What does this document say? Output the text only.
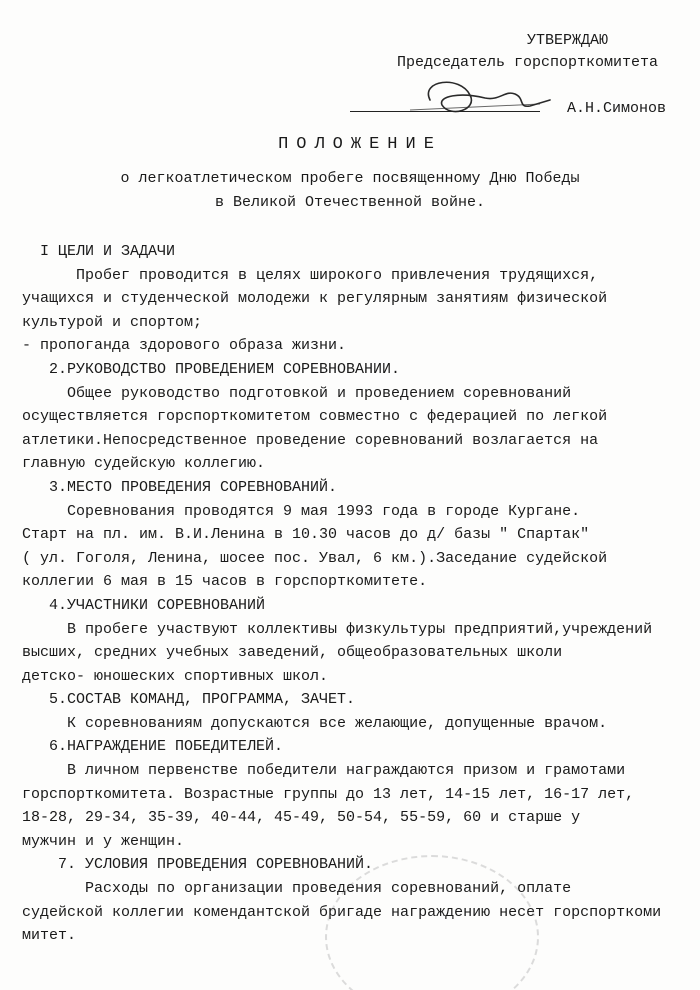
УТВЕРЖДАЮ
Председатель горспорткомитета
А.Н.Симонов
ПОЛОЖЕНИЕ
о легкоатлетическом пробеге посвященному Дню Победы
в Великой Отечественной войне.
I ЦЕЛИ И ЗАДАЧИ
Пробег проводится в целях широкого привлечения трудящихся,
учащихся и студенческой молодежи к регулярным занятиям физической
культурой и спортом;
- пропоганда здорового образа жизни.
2.РУКОВОДСТВО ПРОВЕДЕНИЕМ СОРЕВНОВАНИИ.
Общее руководство подготовкой и проведением соревнований
осуществляется горспорткомитетом совместно с федерацией по легкой
атлетики.Непосредственное проведение соревнований возлагается на
главную судейскую коллегию.
3.МЕСТО ПРОВЕДЕНИЯ СОРЕВНОВАНИЙ.
Соревнования проводятся 9 мая 1993 года в городе Кургане.
Старт на пл. им. В.И.Ленина в 10.30 часов до д/ базы " Спартак"
( ул. Гоголя, Ленина, шосее пос. Увал, 6 км.).Заседание судейской
коллегии 6 мая в 15 часов в горспорткомитете.
4.УЧАСТНИКИ СОРЕВНОВАНИЙ
В пробеге участвуют коллективы физкультуры предприятий,учреждений
высших, средних учебных заведений, общеобразовательных школи
детско- юношеских спортивных школ.
5.СОСТАВ КОМАНД, ПРОГРАММА, ЗАЧЕТ.
К соревнованиям допускаются все желающие, допущенные врачом.
6.НАГРАЖДЕНИЕ ПОБЕДИТЕЛЕЙ.
В личном первенстве победители награждаются призом и грамотами
горспорткомитета. Возрастные группы до 13 лет, 14-15 лет, 16-17 лет,
18-28, 29-34, 35-39, 40-44, 45-49, 50-54, 55-59, 60 и старше у
мужчин и у женщин.
7. УСЛОВИЯ ПРОВЕДЕНИЯ СОРЕВНОВАНИЙ.
Расходы по организации проведения соревнований, оплате
судейской коллегии комендантской бригаде награждению несет горспорткоми
митет.
